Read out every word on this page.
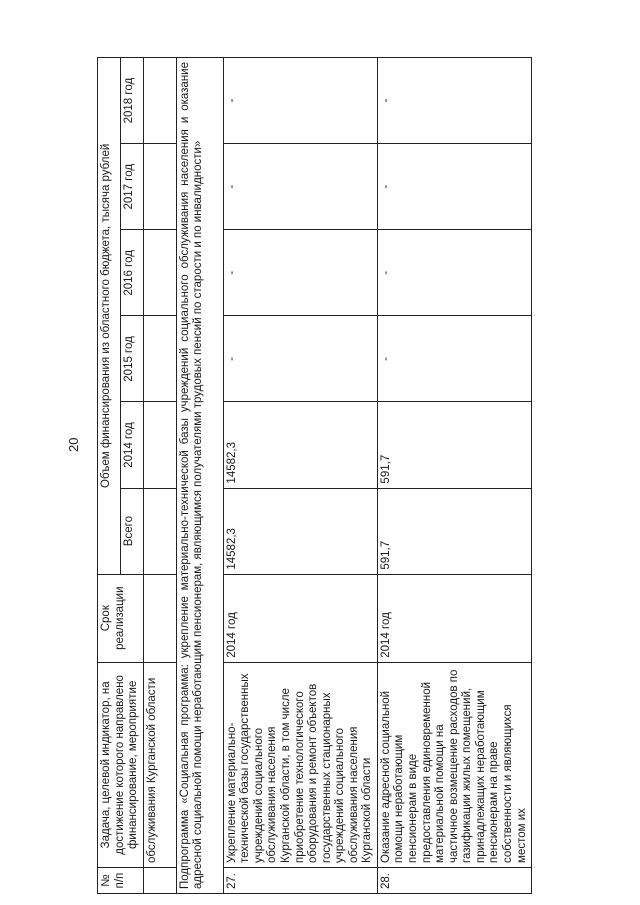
20
№ п/п	Задача, целевой индикатор, на достижение которого направлено финансирование, мероприятие	Срок реализации	Объем финансирования из областного бюджета, тысяча рублей					
			Всего	2014 год	2015 год	2016 год	2017 год	2018 год
	обслуживания Курганской области							
Подпрограмма «Социальная программа: укрепление материально-технической базы учреждений социального обслуживания населения и оказание адресной социальной помощи неработающим пенсионерам, являющимся получателями трудовых пенсий по старости и по инвалидности»								
27.	Укрепление материально-технической базы государственных учреждений социального обслуживания населения Курганской области, в том числе приобретение технологического оборудования и ремонт объектов государственных стационарных учреждений социального обслуживания населения Курганской области	2014 год	14582,3	14582,3	-	-	-	-
28.	Оказание адресной социальной помощи неработающим пенсионерам в виде предоставления единовременной материальной помощи на частичное возмещение расходов по газификации жилых помещений, принадлежащих неработающим пенсионерам на праве собственности и являющихся местом их	2014 год	591,7	591,7	-	-	-	-
